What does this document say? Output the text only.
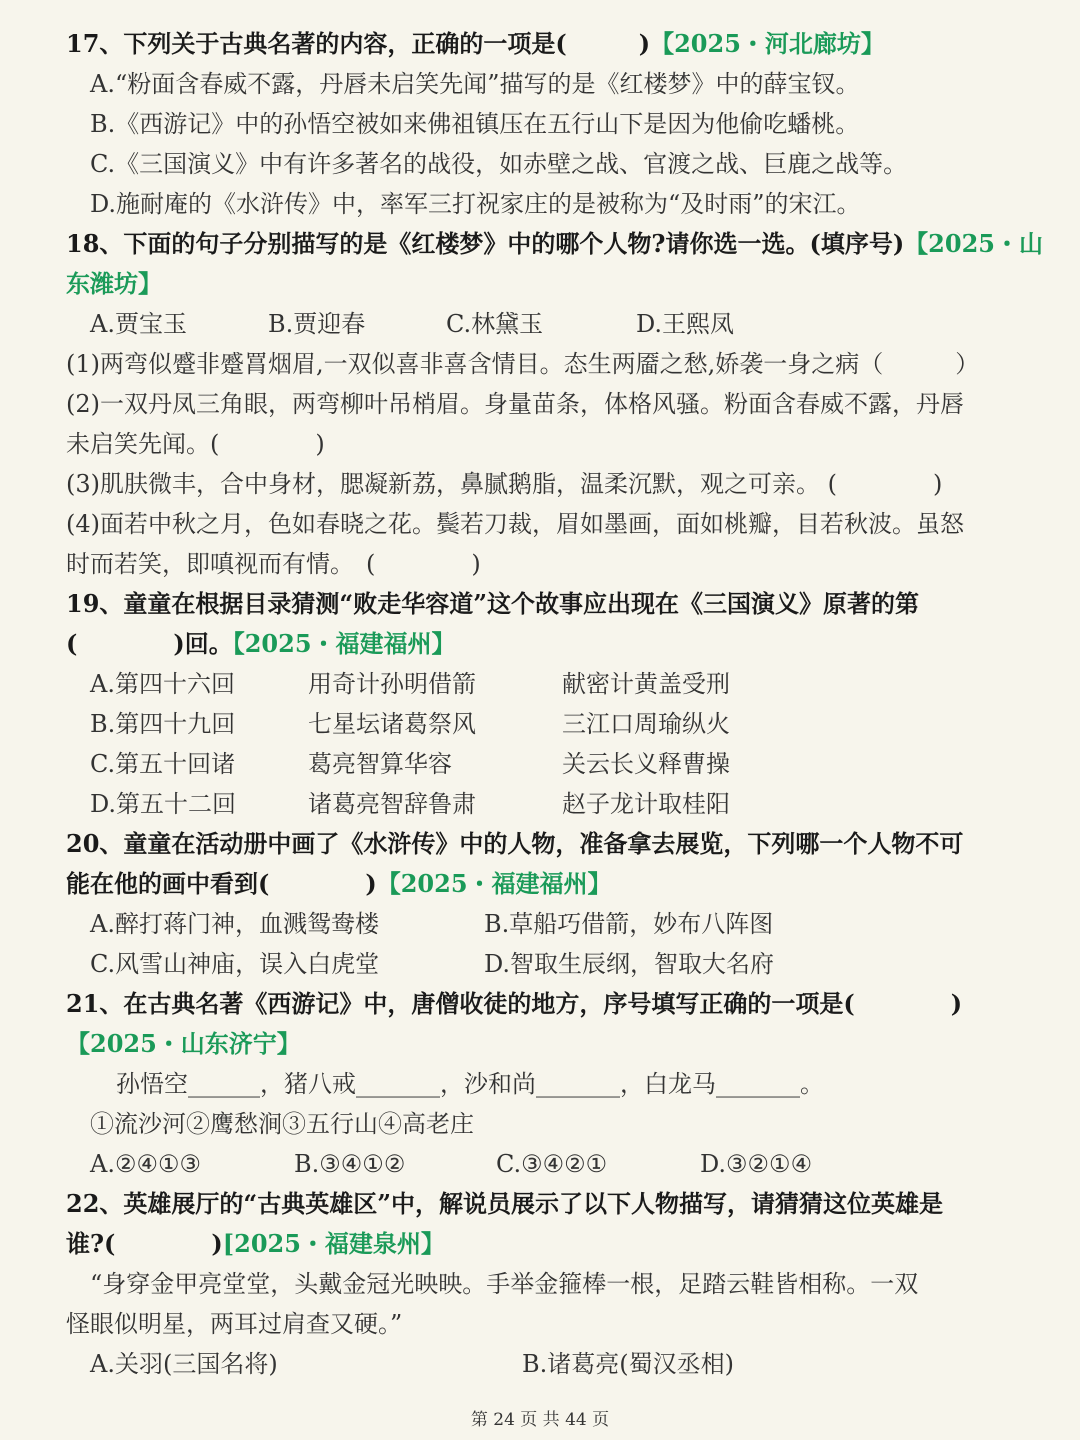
17、下列关于古典名著的内容，正确的一项是(　　　)【2025・河北廊坊】
A.“粉面含春威不露，丹唇未启笑先闻”描写的是《红楼梦》中的薛宝钗。
B.《西游记》中的孙悟空被如来佛祖镇压在五行山下是因为他偷吃蟠桃。
C.《三国演义》中有许多著名的战役，如赤壁之战、官渡之战、巨鹿之战等。
D.施耐庵的《水浒传》中，率军三打祝家庄的是被称为“及时雨”的宋江。
18、下面的句子分别描写的是《红楼梦》中的哪个人物?请你选一选。(填序号)【2025・山
东潍坊】
A.贾宝玉	B.贾迎春	C.林黛玉	D.王熙凤
(1)两弯似蹙非蹙罥烟眉,一双似喜非喜含情目。态生两靥之愁,娇袭一身之病（　　　）
(2)一双丹凤三角眼，两弯柳叶吊梢眉。身量苗条，体格风骚。粉面含春威不露，丹唇
未启笑先闻。(　　　　)
(3)肌肤微丰，合中身材，腮凝新荔，鼻腻鹅脂，温柔沉默，观之可亲。 (　　　　)
(4)面若中秋之月，色如春晓之花。鬓若刀裁，眉如墨画，面如桃瓣，目若秋波。虽怒
时而若笑，即嗔视而有情。　(　　　　)
19、童童在根据目录猜测“败走华容道”这个故事应出现在《三国演义》原著的第
(　　　　)回。【2025・福建福州】
A.第四十六回	用奇计孙明借箭	献密计黄盖受刑
B.第四十九回	七星坛诸葛祭风	三江口周瑜纵火
C.第五十回诸	葛亮智算华容	关云长义释曹操
D.第五十二回	诸葛亮智辞鲁肃	赵子龙计取桂阳
20、童童在活动册中画了《水浒传》中的人物，准备拿去展览，下列哪一个人物不可
能在他的画中看到(　　　　)【2025・福建福州】
A.醉打蒋门神，血溅鸳鸯楼	B.草船巧借箭，妙布八阵图
C.风雪山神庙，误入白虎堂	D.智取生辰纲，智取大名府
21、在古典名著《西游记》中，唐僧收徒的地方，序号填写正确的一项是(　　　　)
【2025・山东济宁】
孙悟空______，猪八戒_______，沙和尚_______，白龙马_______。
①流沙河②鹰愁涧③五行山④高老庄
A.②④①③	B.③④①②	C.③④②①	D.③②①④
22、英雄展厅的“古典英雄区”中，解说员展示了以下人物描写，请猜猜这位英雄是
谁?(　　　　)[2025・福建泉州】
　“身穿金甲亮堂堂，头戴金冠光映映。手举金箍棒一根，足踏云鞋皆相称。一双
怪眼似明星，两耳过肩查又硬。”
A.关羽(三国名将)	B.诸葛亮(蜀汉丞相)
第 24 页 共 44 页
